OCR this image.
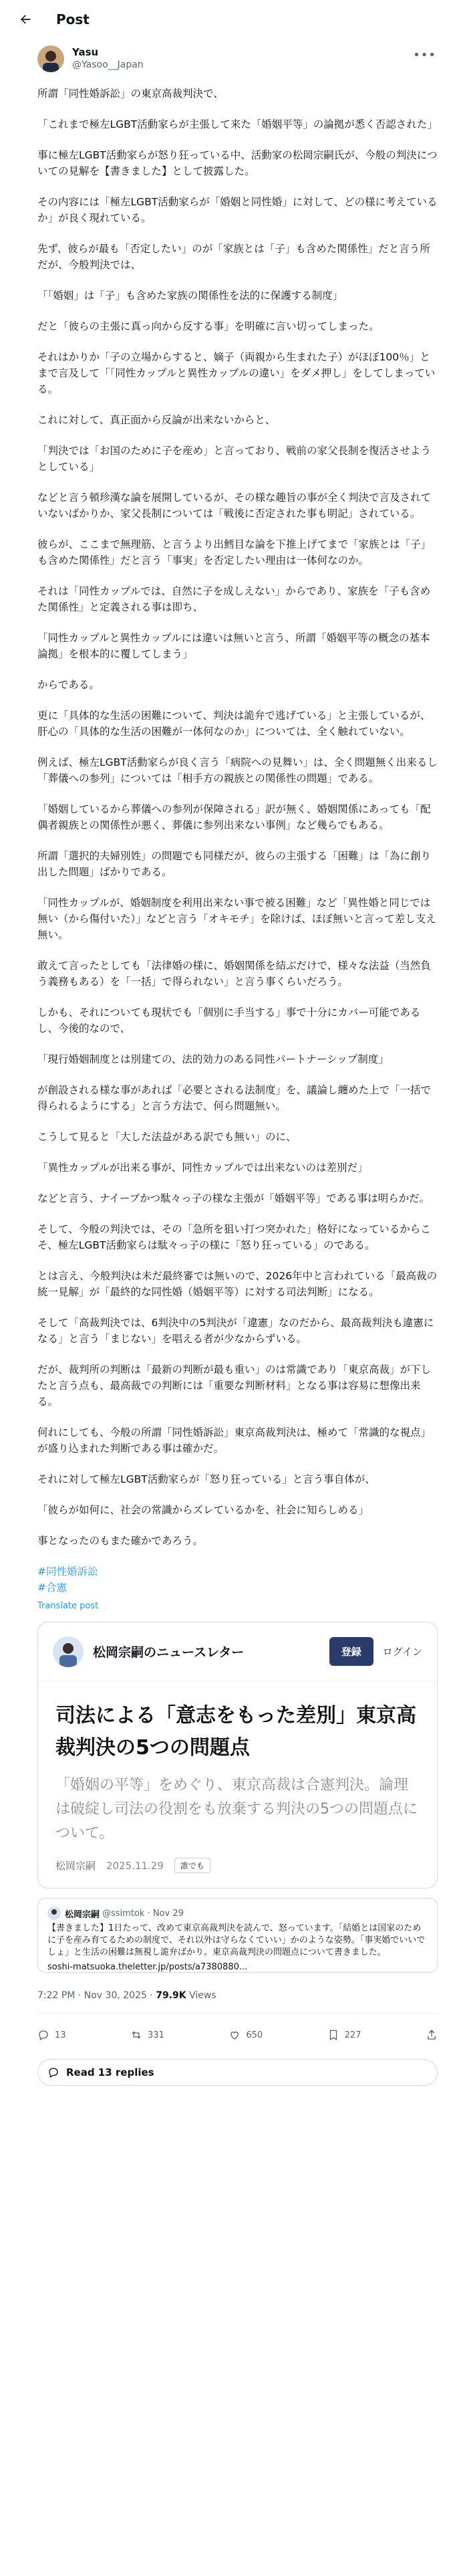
Post
Yasu
@Yasoo__Japan
•••
所謂「同性婚訴訟」の東京高裁判決で、
「これまで極左LGBT活動家らが主張して来た「婚姻平等」の論拠が悉く否認された」
事に極左LGBT活動家らが怒り狂っている中、活動家の松岡宗嗣氏が、今般の判決についての見解を【書きました】として披露した。
その内容には「極左LGBT活動家らが「婚姻と同性婚」に対して、どの様に考えているか」が良く現れている。
先ず、彼らが最も「否定したい」のが「家族とは「子」も含めた関係性」だと言う所だが、今般判決では、
「「婚姻」は「子」も含めた家族の関係性を法的に保護する制度」
だと「彼らの主張に真っ向から反する事」を明確に言い切ってしまった。
それはかりか「子の立場からすると、嫡子（両親から生まれた子）がほぼ100％」とまで言及して「「同性カップルと異性カップルの違い」をダメ押し」をしてしまっている。
これに対して、真正面から反論が出来ないからと、
「判決では「お国のために子を産め」と言っており、戦前の家父長制を復活させようとしている」
などと言う頓珍漢な論を展開しているが、その様な趣旨の事が全く判決で言及されていないばかりか、家父長制については「戦後に否定された事も明記」されている。
彼らが、ここまで無理筋、と言うより出鱈目な論を下推上げてまで「家族とは「子」も含めた関係性」だと言う「事実」を否定したい理由は一体何なのか。
それは「同性カップルでは、自然に子を成しえない」からであり、家族を「子も含めた関係性」と定義される事は即ち、
「同性カップルと異性カップルには違いは無いと言う、所謂「婚姻平等の概念の基本論拠」を根本的に覆してしまう」
からである。
更に「具体的な生活の困難について、判決は詭弁で逃げている」と主張しているが、肝心の「具体的な生活の困難が一体何なのか」については、全く触れていない。
例えば、極左LGBT活動家らが良く言う「病院への見舞い」は、全く問題無く出来るし「葬儀への参列」については「相手方の親族との関係性の問題」である。
「婚姻しているから葬儀への参列が保障される」訳が無く、婚姻関係にあっても「配偶者親族との関係性が悪く、葬儀に参列出来ない事例」など幾らでもある。
所謂「選択的夫婦別姓」の問題でも同様だが、彼らの主張する「困難」は「為に創り出した問題」ばかりである。
「同性カップルが、婚姻制度を利用出来ない事で被る困難」など「異性婚と同じでは無い（から傷付いた）」などと言う「オキモチ」を除けば、ほぼ無いと言って差し支え無い。
敢えて言ったとしても「法律婚の様に、婚姻関係を結ぶだけで、様々な法益（当然負う義務もある）を「一括」で得られない」と言う事くらいだろう。
しかも、それについても現状でも「個別に手当する」事で十分にカバー可能であるし、今後的なので、
「現行婚姻制度とは別建ての、法的効力のある同性パートナーシップ制度」
が創設される様な事があれば「必要とされる法制度」を、議論し纏めた上で「一括で得られるようにする」と言う方法で、何ら問題無い。
こうして見ると「大した法益がある訳でも無い」のに、
「異性カップルが出来る事が、同性カップルでは出来ないのは差別だ」
などと言う、ナイーブかつ駄々っ子の様な主張が「婚姻平等」である事は明らかだ。
そして、今般の判決では、その「急所を狙い打つ突かれた」格好になっているからこそ、極左LGBT活動家らは駄々っ子の様に「怒り狂っている」のである。
とは言え、今般判決は未だ最終審では無いので、2026年中と言われている「最高裁の統一見解」が「最終的な同性婚（婚姻平等）に対する司法判断」になる。
そして「高裁判決では、6判決中の5判決が「違憲」なのだから、最高裁判決も違憲になる」と言う「まじない」を唱える者が少なからずいる。
だが、裁判所の判断は「最新の判断が最も重い」のは常識であり「東京高裁」が下したと言う点も、最高裁での判断には「重要な判断材料」となる事は容易に想像出来る。
何れにしても、今般の所謂「同性婚訴訟」東京高裁判決は、極めて「常識的な視点」が盛り込まれた判断である事は確かだ。
それに対して極左LGBT活動家らが「怒り狂っている」と言う事自体が、
「彼らが如何に、社会の常識からズレているかを、社会に知らしめる」
事となったのもまた確かであろう。
#同性婚訴訟
#合憲
Translate post
松岡宗嗣のニュースレター	登録	ログイン
司法による「意志をもった差別」東京高裁判決の5つの問題点
「婚姻の平等」をめぐり、東京高裁は合憲判決。論理は破綻し司法の役割をも放棄する判決の5つの問題点について。
松岡宗嗣 2025.11.29	誰でも
松岡宗嗣 @ssimtok · Nov 29
【書きました】1日たって、改めて東京高裁判決を読んで、怒っています。「結婚とは国家のために子を産み育てるための制度で、それ以外は守らなくていい」かのような姿勢。「事実婚でいいでしょ」と生活の困難は無視し詭弁ばかり。東京高裁判決の問題点について書きました。
soshi-matsuoka.theletter.jp/posts/a7380880...
7:22 PM · Nov 30, 2025 · 79.9K Views
13	331	650	227
Read 13 replies
